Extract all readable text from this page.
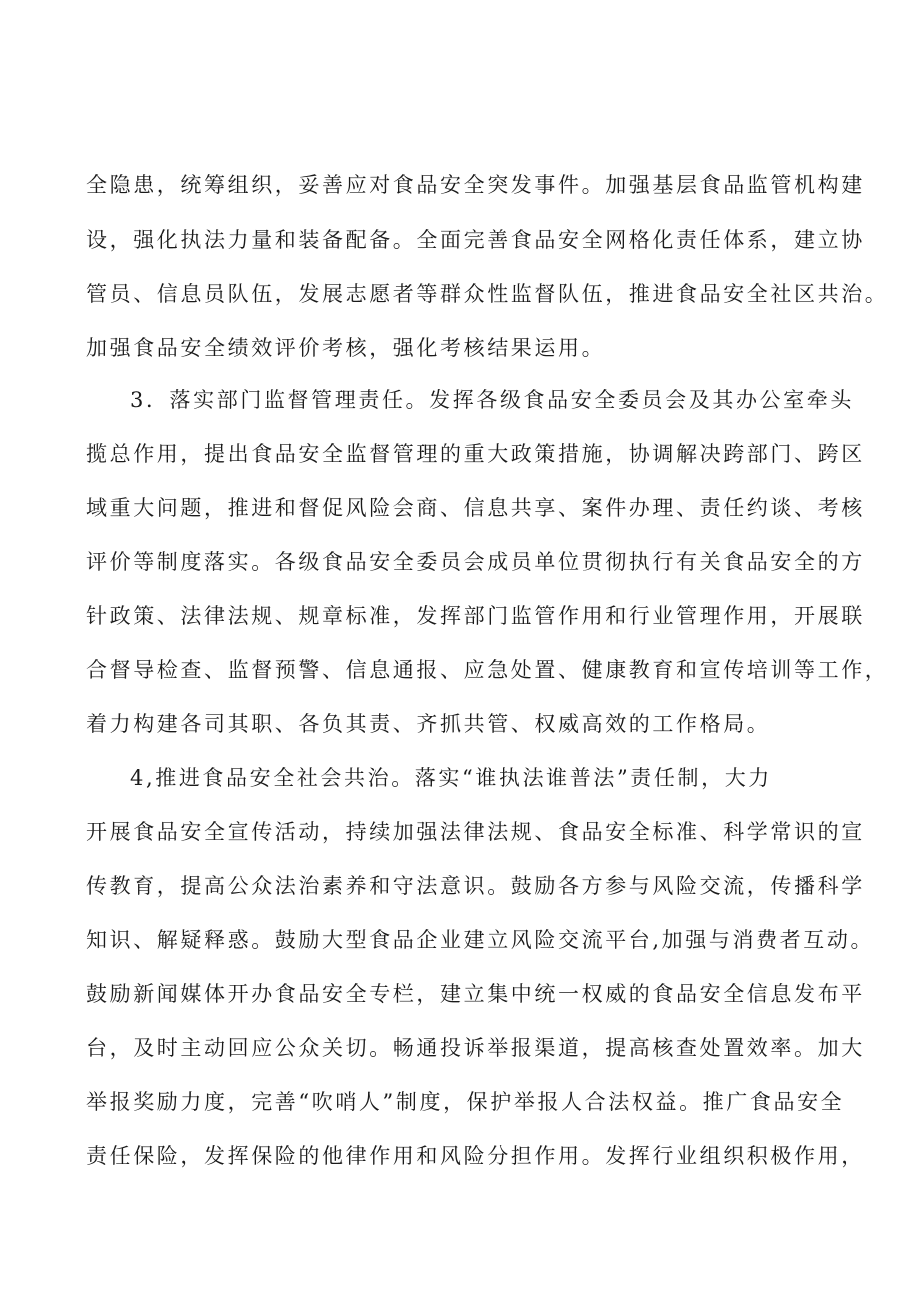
全隐患，统筹组织，妥善应对食品安全突发事件。加强基层食品监管机构建
设，强化执法力量和装备配备。全面完善食品安全网格化责任体系，建立协
管员、信息员队伍，发展志愿者等群众性监督队伍，推进食品安全社区共治。
加强食品安全绩效评价考核，强化考核结果运用。
3．落实部门监督管理责任。发挥各级食品安全委员会及其办公室牵头
揽总作用，提出食品安全监督管理的重大政策措施，协调解决跨部门、跨区
域重大问题，推进和督促风险会商、信息共享、案件办理、责任约谈、考核
评价等制度落实。各级食品安全委员会成员单位贯彻执行有关食品安全的方
针政策、法律法规、规章标准，发挥部门监管作用和行业管理作用，开展联
合督导检查、监督预警、信息通报、应急处置、健康教育和宣传培训等工作，
着力构建各司其职、各负其责、齐抓共管、权威高效的工作格局。
4,推进食品安全社会共治。落实“谁执法谁普法”责任制，大力
开展食品安全宣传活动，持续加强法律法规、食品安全标准、科学常识的宣
传教育，提高公众法治素养和守法意识。鼓励各方参与风险交流，传播科学
知识、解疑释惑。鼓励大型食品企业建立风险交流平台,加强与消费者互动。
鼓励新闻媒体开办食品安全专栏，建立集中统一权威的食品安全信息发布平
台，及时主动回应公众关切。畅通投诉举报渠道，提高核查处置效率。加大
举报奖励力度，完善“吹哨人”制度，保护举报人合法权益。推广食品安全
责任保险，发挥保险的他律作用和风险分担作用。发挥行业组织积极作用，
